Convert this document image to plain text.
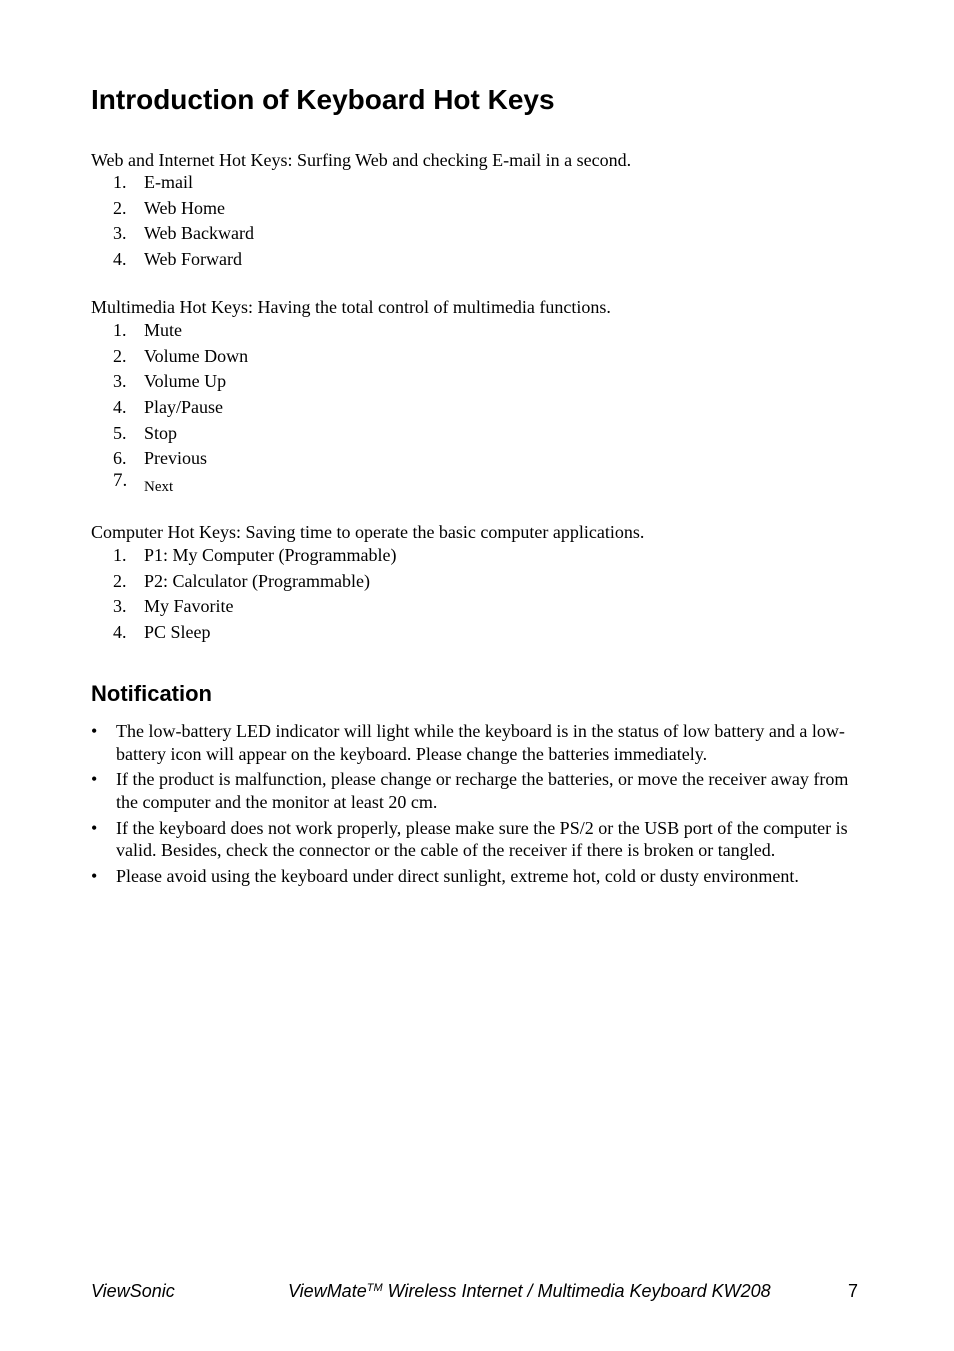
Introduction of Keyboard Hot Keys

Web and Internet Hot Keys: Surfing Web and checking E-mail in a second.

1. E-mail
2. Web Home
3. Web Backward
4. Web Forward

Multimedia Hot Keys: Having the total control of multimedia functions.

1. Mute
2. Volume Down
3. Volume Up
4. Play/Pause
5. Stop
6. Previous
7. Next

Computer Hot Keys: Saving time to operate the basic computer applications.

1. P1: My Computer (Programmable)
2. P2: Calculator (Programmable)
3. My Favorite
4. PC Sleep
Notification
• The low-battery LED indicator will light while the keyboard is in the status of low battery and a low-battery icon will appear on the keyboard. Please change the batteries immediately.
• If the product is malfunction, please change or recharge the batteries, or move the receiver away from the computer and the monitor at least 20 cm.
• If the keyboard does not work properly, please make sure the PS/2 or the USB port of the computer is valid. Besides, check the connector or the cable of the receiver if there is broken or tangled.
• Please avoid using the keyboard under direct sunlight, extreme hot, cold or dusty environment.
ViewSonic	ViewMate™ Wireless Internet / Multimedia Keyboard KW208	7
